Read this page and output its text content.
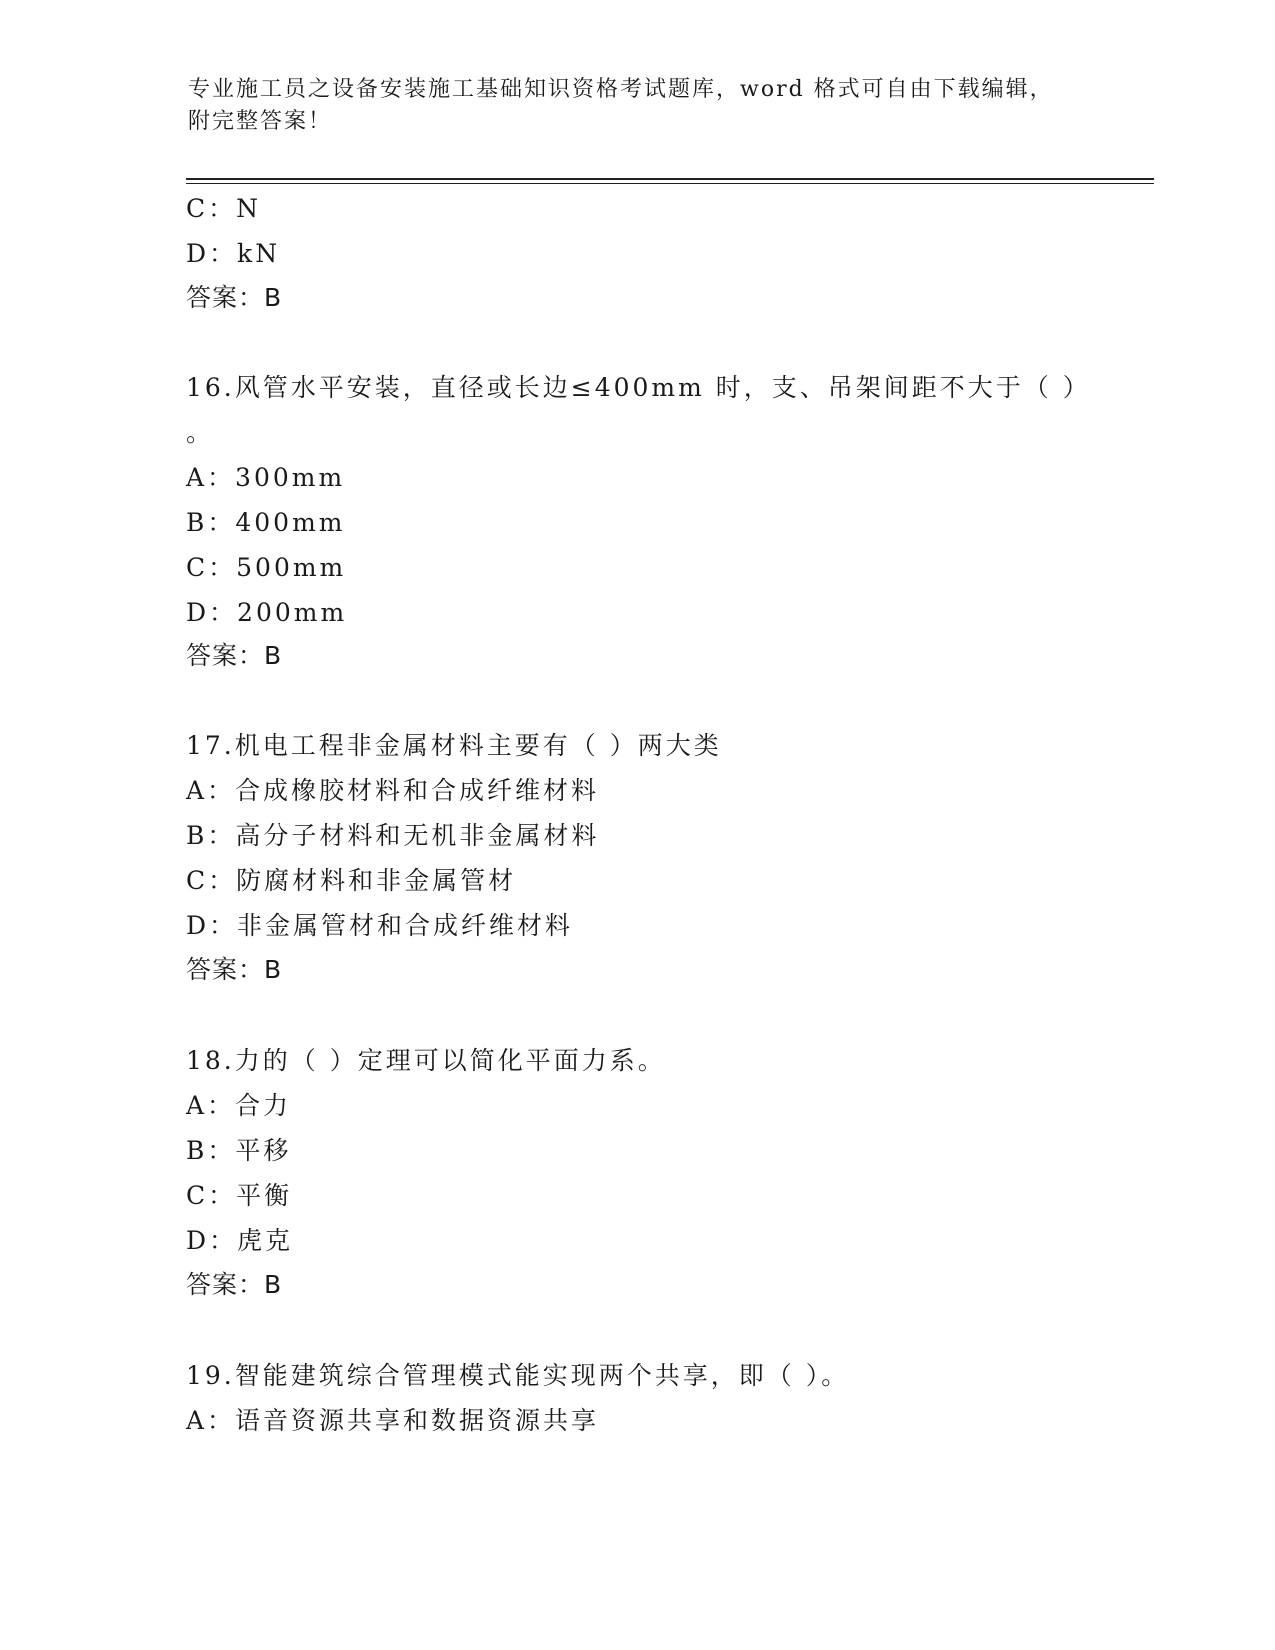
专业施工员之设备安装施工基础知识资格考试题库，word 格式可自由下载编辑，
附完整答案！
C：N
D：kN
答案：B
16.风管水平安装，直径或长边≤400mm 时，支、吊架间距不大于（ ）
。
A：300mm
B：400mm
C：500mm
D：200mm
答案：B
17.机电工程非金属材料主要有（ ）两大类
A：合成橡胶材料和合成纤维材料
B：高分子材料和无机非金属材料
C：防腐材料和非金属管材
D：非金属管材和合成纤维材料
答案：B
18.力的（ ）定理可以简化平面力系。
A：合力
B：平移
C：平衡
D：虎克
答案：B
19.智能建筑综合管理模式能实现两个共享，即（ ）。
A：语音资源共享和数据资源共享
